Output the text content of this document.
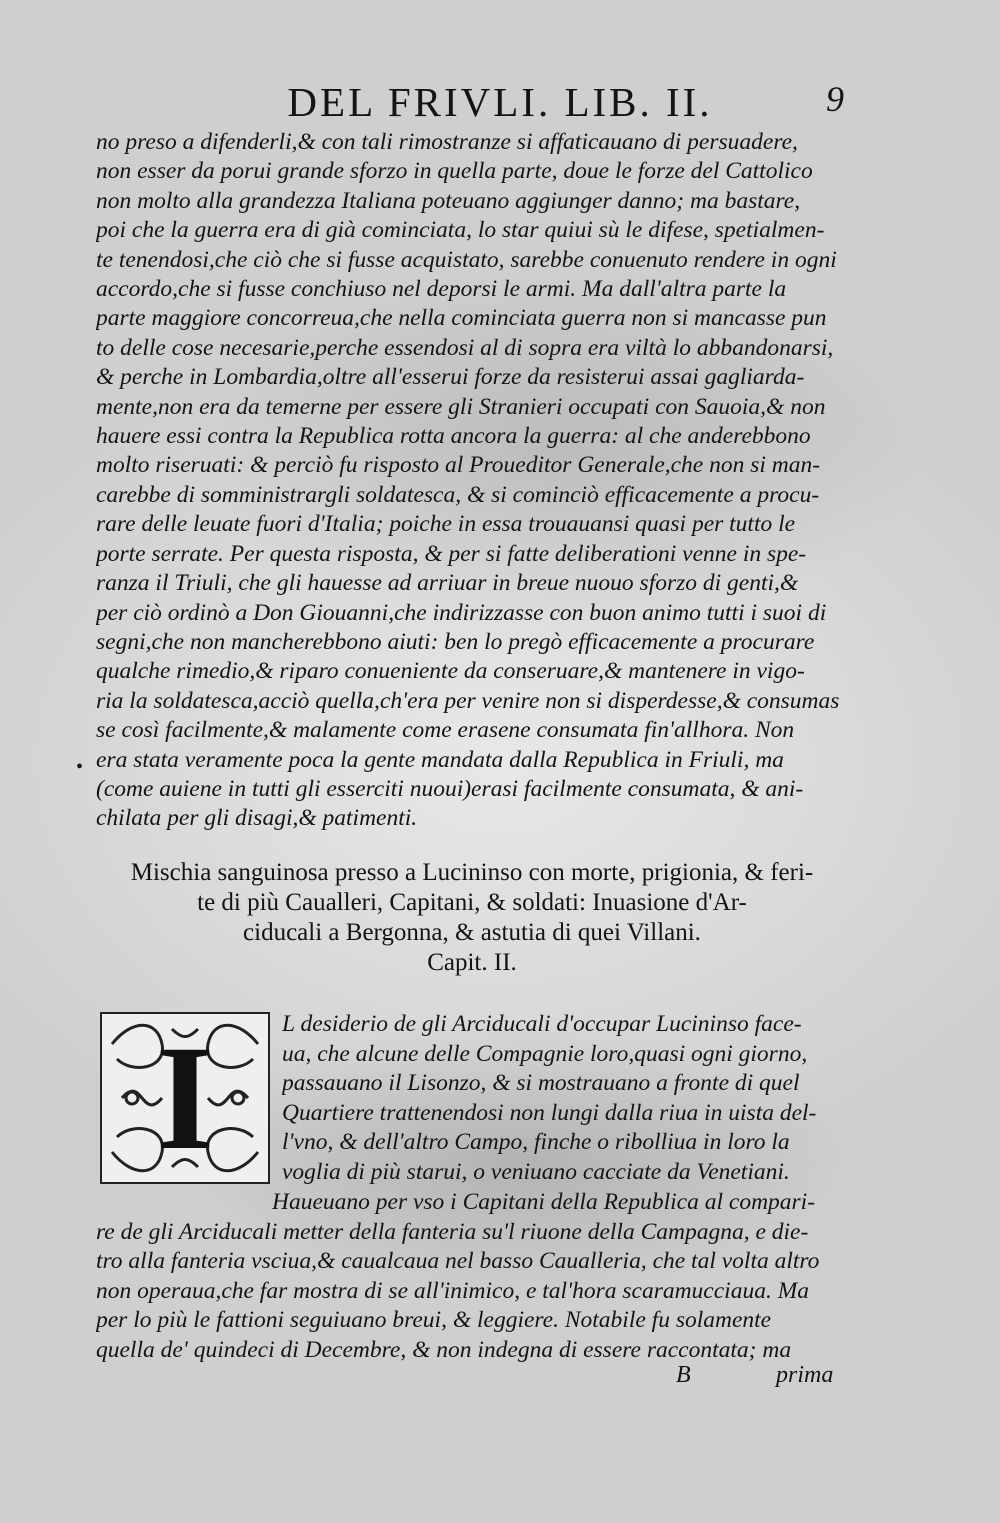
DEL FRIVLI. LIB. II.	9
no preso a difenderli,& con tali rimostranze si affaticauano di persuadere,
non esser da porui grande sforzo in quella parte, doue le forze del Cattolico
non molto alla grandezza Italiana poteuano aggiunger danno; ma bastare,
poi che la guerra era di già cominciata, lo star quiui sù le difese, spetialmen-
te tenendosi,che ciò che si fusse acquistato, sarebbe conuenuto rendere in ogni
accordo,che si fusse conchiuso nel deporsi le armi. Ma dall'altra parte la
parte maggiore concorreua,che nella cominciata guerra non si mancasse pun
to delle cose necesarie,perche essendosi al di sopra era viltà lo abbandonarsi,
& perche in Lombardia,oltre all'esserui forze da resisterui assai gagliarda-
mente,non era da temerne per essere gli Stranieri occupati con Sauoia,& non
hauere essi contra la Republica rotta ancora la guerra: al che anderebbono
molto riseruati: & perciò fu risposto al Proueditor Generale,che non si man-
carebbe di somministrargli soldatesca, & si cominciò efficacemente a procu-
rare delle leuate fuori d'Italia; poiche in essa trouauansi quasi per tutto le
porte serrate. Per questa risposta, & per si fatte deliberationi venne in spe-
ranza il Triuli, che gli hauesse ad arriuar in breue nuouo sforzo di genti,&
per ciò ordinò a Don Giouanni,che indirizzasse con buon animo tutti i suoi di
segni,che non mancherebbono aiuti: ben lo pregò efficacemente a procurare
qualche rimedio,& riparo conueniente da conseruare,& mantenere in vigo-
ria la soldatesca,acciò quella,ch'era per venire non si disperdesse,& consumas
se così facilmente,& malamente come erasene consumata fin'allhora. Non
era stata veramente poca la gente mandata dalla Republica in Friuli, ma
(come auiene in tutti gli esserciti nuoui)erasi facilmente consumata, & ani-
chilata per gli disagi,& patimenti.
•
Mischia sanguinosa presso a Lucininso con morte, prigionia, & feri-
te di più Caualleri, Capitani, & soldati: Inuasione d'Ar-
ciducali a Bergonna, & astutia di quei Villani.
Capit. II.
I	L desiderio de gli Arciducali d'occupar Lucininso face-
ua, che alcune delle Compagnie loro,quasi ogni giorno,
passauano il Lisonzo, & si mostrauano a fronte di quel
Quartiere trattenendosi non lungi dalla riua in uista del-
l'vno, & dell'altro Campo, finche o ribolliua in loro la
voglia di più starui, o veniuano cacciate da Venetiani.
Haueuano per vso i Capitani della Republica al compari-
re de gli Arciducali metter della fanteria su'l riuone della Campagna, e die-
tro alla fanteria vsciua,& caualcaua nel basso Caualleria, che tal volta altro
non operaua,che far mostra di se all'inimico, e tal'hora scaramucciaua. Ma
per lo più le fattioni seguiuano breui, & leggiere. Notabile fu solamente
quella de' quindeci di Decembre, & non indegna di essere raccontata; ma
B	prima
